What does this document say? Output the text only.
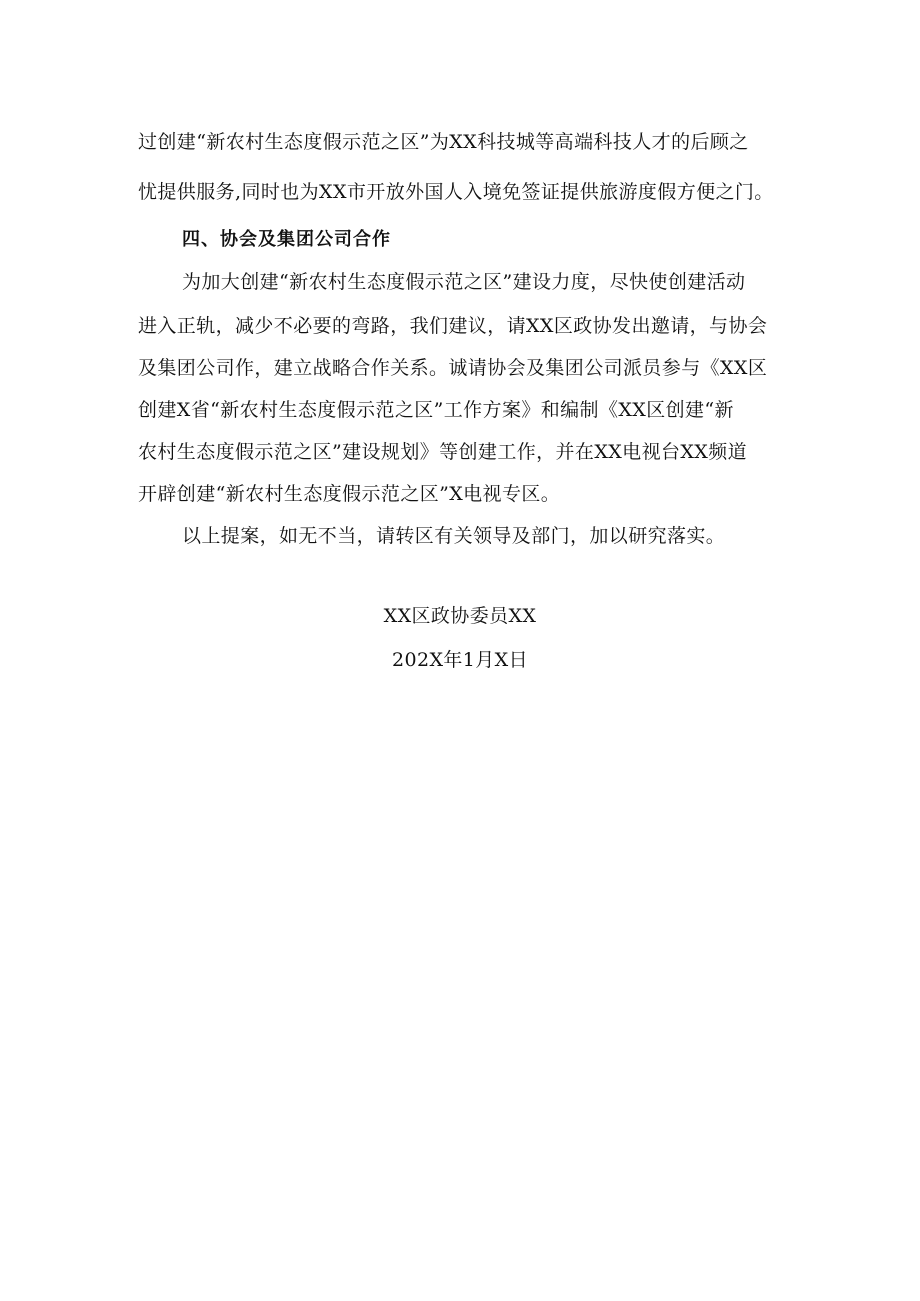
过创建“新农村生态度假示范之区”为XX科技城等高端科技人才的后顾之
忧提供服务,同时也为XX市开放外国人入境免签证提供旅游度假方便之门。
四、协会及集团公司合作
为加大创建“新农村生态度假示范之区”建设力度，尽快使创建活动
进入正轨，减少不必要的弯路，我们建议，请XX区政协发出邀请，与协会
及集团公司作，建立战略合作关系。诚请协会及集团公司派员参与《XX区
创建X省“新农村生态度假示范之区”工作方案》和编制《XX区创建“新
农村生态度假示范之区”建设规划》等创建工作，并在XX电视台XX频道
开辟创建“新农村生态度假示范之区”X电视专区。
以上提案，如无不当，请转区有关领导及部门，加以研究落实。
XX区政协委员XX
202X年1月X日
